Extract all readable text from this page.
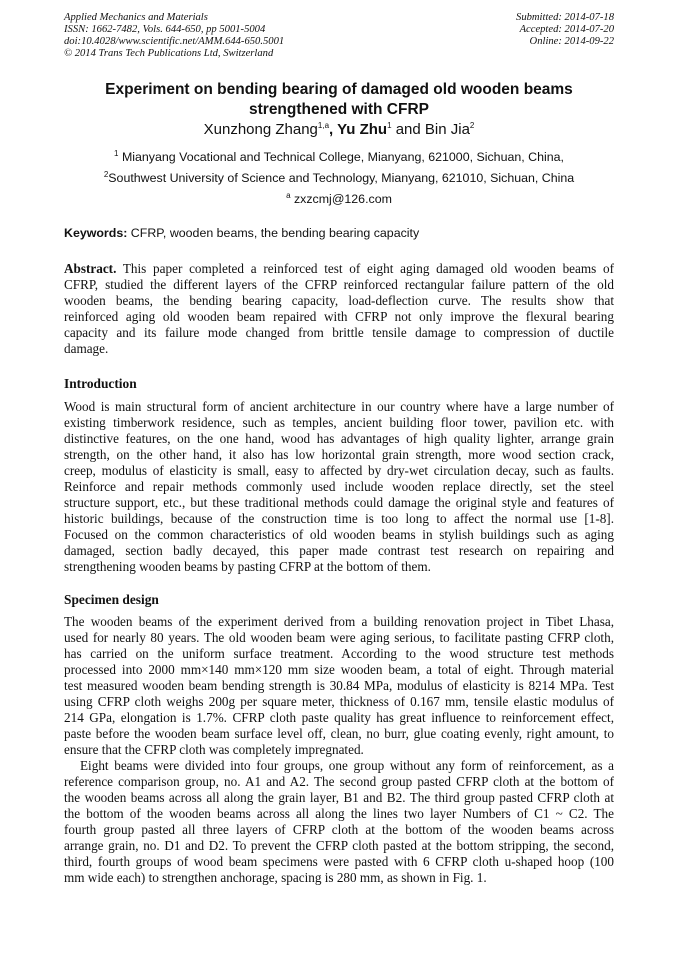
Applied Mechanics and Materials
ISSN: 1662-7482, Vols. 644-650, pp 5001-5004
doi:10.4028/www.scientific.net/AMM.644-650.5001
© 2014 Trans Tech Publications Ltd, Switzerland
Submitted: 2014-07-18
Accepted: 2014-07-20
Online: 2014-09-22
Experiment on bending bearing of damaged old wooden beams
strengthened with CFRP
Xunzhong Zhang$^{1,a}$, Yu Zhu$^1$ and Bin Jia$^2$
$^1$ Mianyang Vocational and Technical College, Mianyang, 621000, Sichuan, China,
$^2$Southwest University of Science and Technology, Mianyang, 621010, Sichuan, China
$^a$ zxzcmj@126.com
Keywords: CFRP, wooden beams, the bending bearing capacity
Abstract. This paper completed a reinforced test of eight aging damaged old wooden beams of
CFRP, studied the different layers of the CFRP reinforced rectangular failure pattern of the old
wooden beams, the bending bearing capacity, load-deflection curve. The results show that
reinforced aging old wooden beam repaired with CFRP not only improve the flexural bearing
capacity and its failure mode changed from brittle tensile damage to compression of ductile
damage.
Introduction
Wood is main structural form of ancient architecture in our country where have a large number of
existing timberwork residence, such as temples, ancient building floor tower, pavilion etc. with
distinctive features, on the one hand, wood has advantages of high quality lighter, arrange grain
strength, on the other hand, it also has low horizontal grain strength, more wood section crack,
creep, modulus of elasticity is small, easy to affected by dry-wet circulation decay, such as faults.
Reinforce and repair methods commonly used include wooden replace directly, set the steel
structure support, etc., but these traditional methods could damage the original style and features of
historic buildings, because of the construction time is too long to affect the normal use [1-8].
Focused on the common characteristics of old wooden beams in stylish buildings such as aging
damaged, section badly decayed, this paper made contrast test research on repairing and
strengthening wooden beams by pasting CFRP at the bottom of them.
Specimen design
The wooden beams of the experiment derived from a building renovation project in Tibet Lhasa,
used for nearly 80 years. The old wooden beam were aging serious, to facilitate pasting CFRP cloth,
has carried on the uniform surface treatment. According to the wood structure test methods
processed into 2000 mm×140 mm×120 mm size wooden beam, a total of eight. Through material
test measured wooden beam bending strength is 30.84 MPa, modulus of elasticity is 8214 MPa. Test
using CFRP cloth weighs 200g per square meter, thickness of 0.167 mm, tensile elastic modulus of
214 GPa, elongation is 1.7%. CFRP cloth paste quality has great influence to reinforcement effect,
paste before the wooden beam surface level off, clean, no burr, glue coating evenly, right amount, to
ensure that the CFRP cloth was completely impregnated.
Eight beams were divided into four groups, one group without any form of reinforcement, as a
reference comparison group, no. A1 and A2. The second group pasted CFRP cloth at the bottom of
the wooden beams across all along the grain layer, B1 and B2. The third group pasted CFRP cloth at
the bottom of the wooden beams across all along the lines two layer Numbers of C1 ~ C2. The
fourth group pasted all three layers of CFRP cloth at the bottom of the wooden beams across
arrange grain, no. D1 and D2. To prevent the CFRP cloth pasted at the bottom stripping, the second,
third, fourth groups of wood beam specimens were pasted with 6 CFRP cloth u-shaped hoop (100
mm wide each) to strengthen anchorage, spacing is 280 mm, as shown in Fig. 1.
